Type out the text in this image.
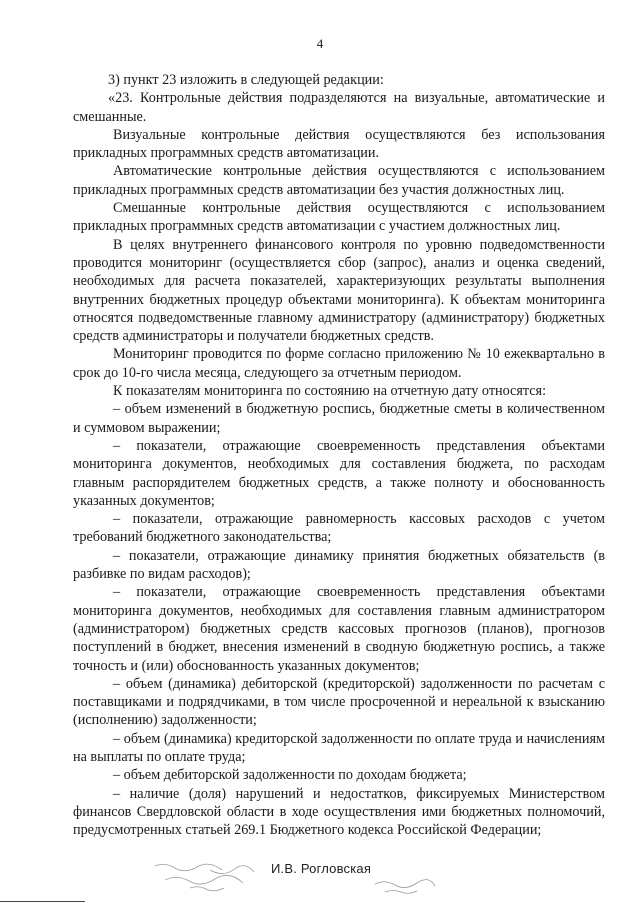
4

3) пункт 23 изложить в следующей редакции:

«23. Контрольные действия подразделяются на визуальные, автоматические и смешанные.

Визуальные контрольные действия осуществляются без использования прикладных программных средств автоматизации.

Автоматические контрольные действия осуществляются с использованием прикладных программных средств автоматизации без участия должностных лиц.

Смешанные контрольные действия осуществляются с использованием прикладных программных средств автоматизации с участием должностных лиц.

В целях внутреннего финансового контроля по уровню подведомственности проводится мониторинг (осуществляется сбор (запрос), анализ и оценка сведений, необходимых для расчета показателей, характеризующих результаты выполнения внутренних бюджетных процедур объектами мониторинга). К объектам мониторинга относятся подведомственные главному администратору (администратору) бюджетных средств администраторы и получатели бюджетных средств.

Мониторинг проводится по форме согласно приложению № 10 ежеквартально в срок до 10-го числа месяца, следующего за отчетным периодом.

К показателям мониторинга по состоянию на отчетную дату относятся:

– объем изменений в бюджетную роспись, бюджетные сметы в количественном и суммовом выражении;

– показатели, отражающие своевременность представления объектами мониторинга документов, необходимых для составления бюджета, по расходам главным распорядителем бюджетных средств, а также полноту и обоснованность указанных документов;

– показатели, отражающие равномерность кассовых расходов с учетом требований бюджетного законодательства;

– показатели, отражающие динамику принятия бюджетных обязательств (в разбивке по видам расходов);

– показатели, отражающие своевременность представления объектами мониторинга документов, необходимых для составления главным администратором (администратором) бюджетных средств кассовых прогнозов (планов), прогнозов поступлений в бюджет, внесения изменений в сводную бюджетную роспись, а также точность и (или) обоснованность указанных документов;

– объем (динамика) дебиторской (кредиторской) задолженности по расчетам с поставщиками и подрядчиками, в том числе просроченной и нереальной к взысканию (исполнению) задолженности;

– объем (динамика) кредиторской задолженности по оплате труда и начислениям на выплаты по оплате труда;

– объем дебиторской задолженности по доходам бюджета;

– наличие (доля) нарушений и недостатков, фиксируемых Министерством финансов Свердловской области в ходе осуществления ими бюджетных полномочий, предусмотренных статьей 269.1 Бюджетного кодекса Российской Федерации;

И.В. Рогловская
